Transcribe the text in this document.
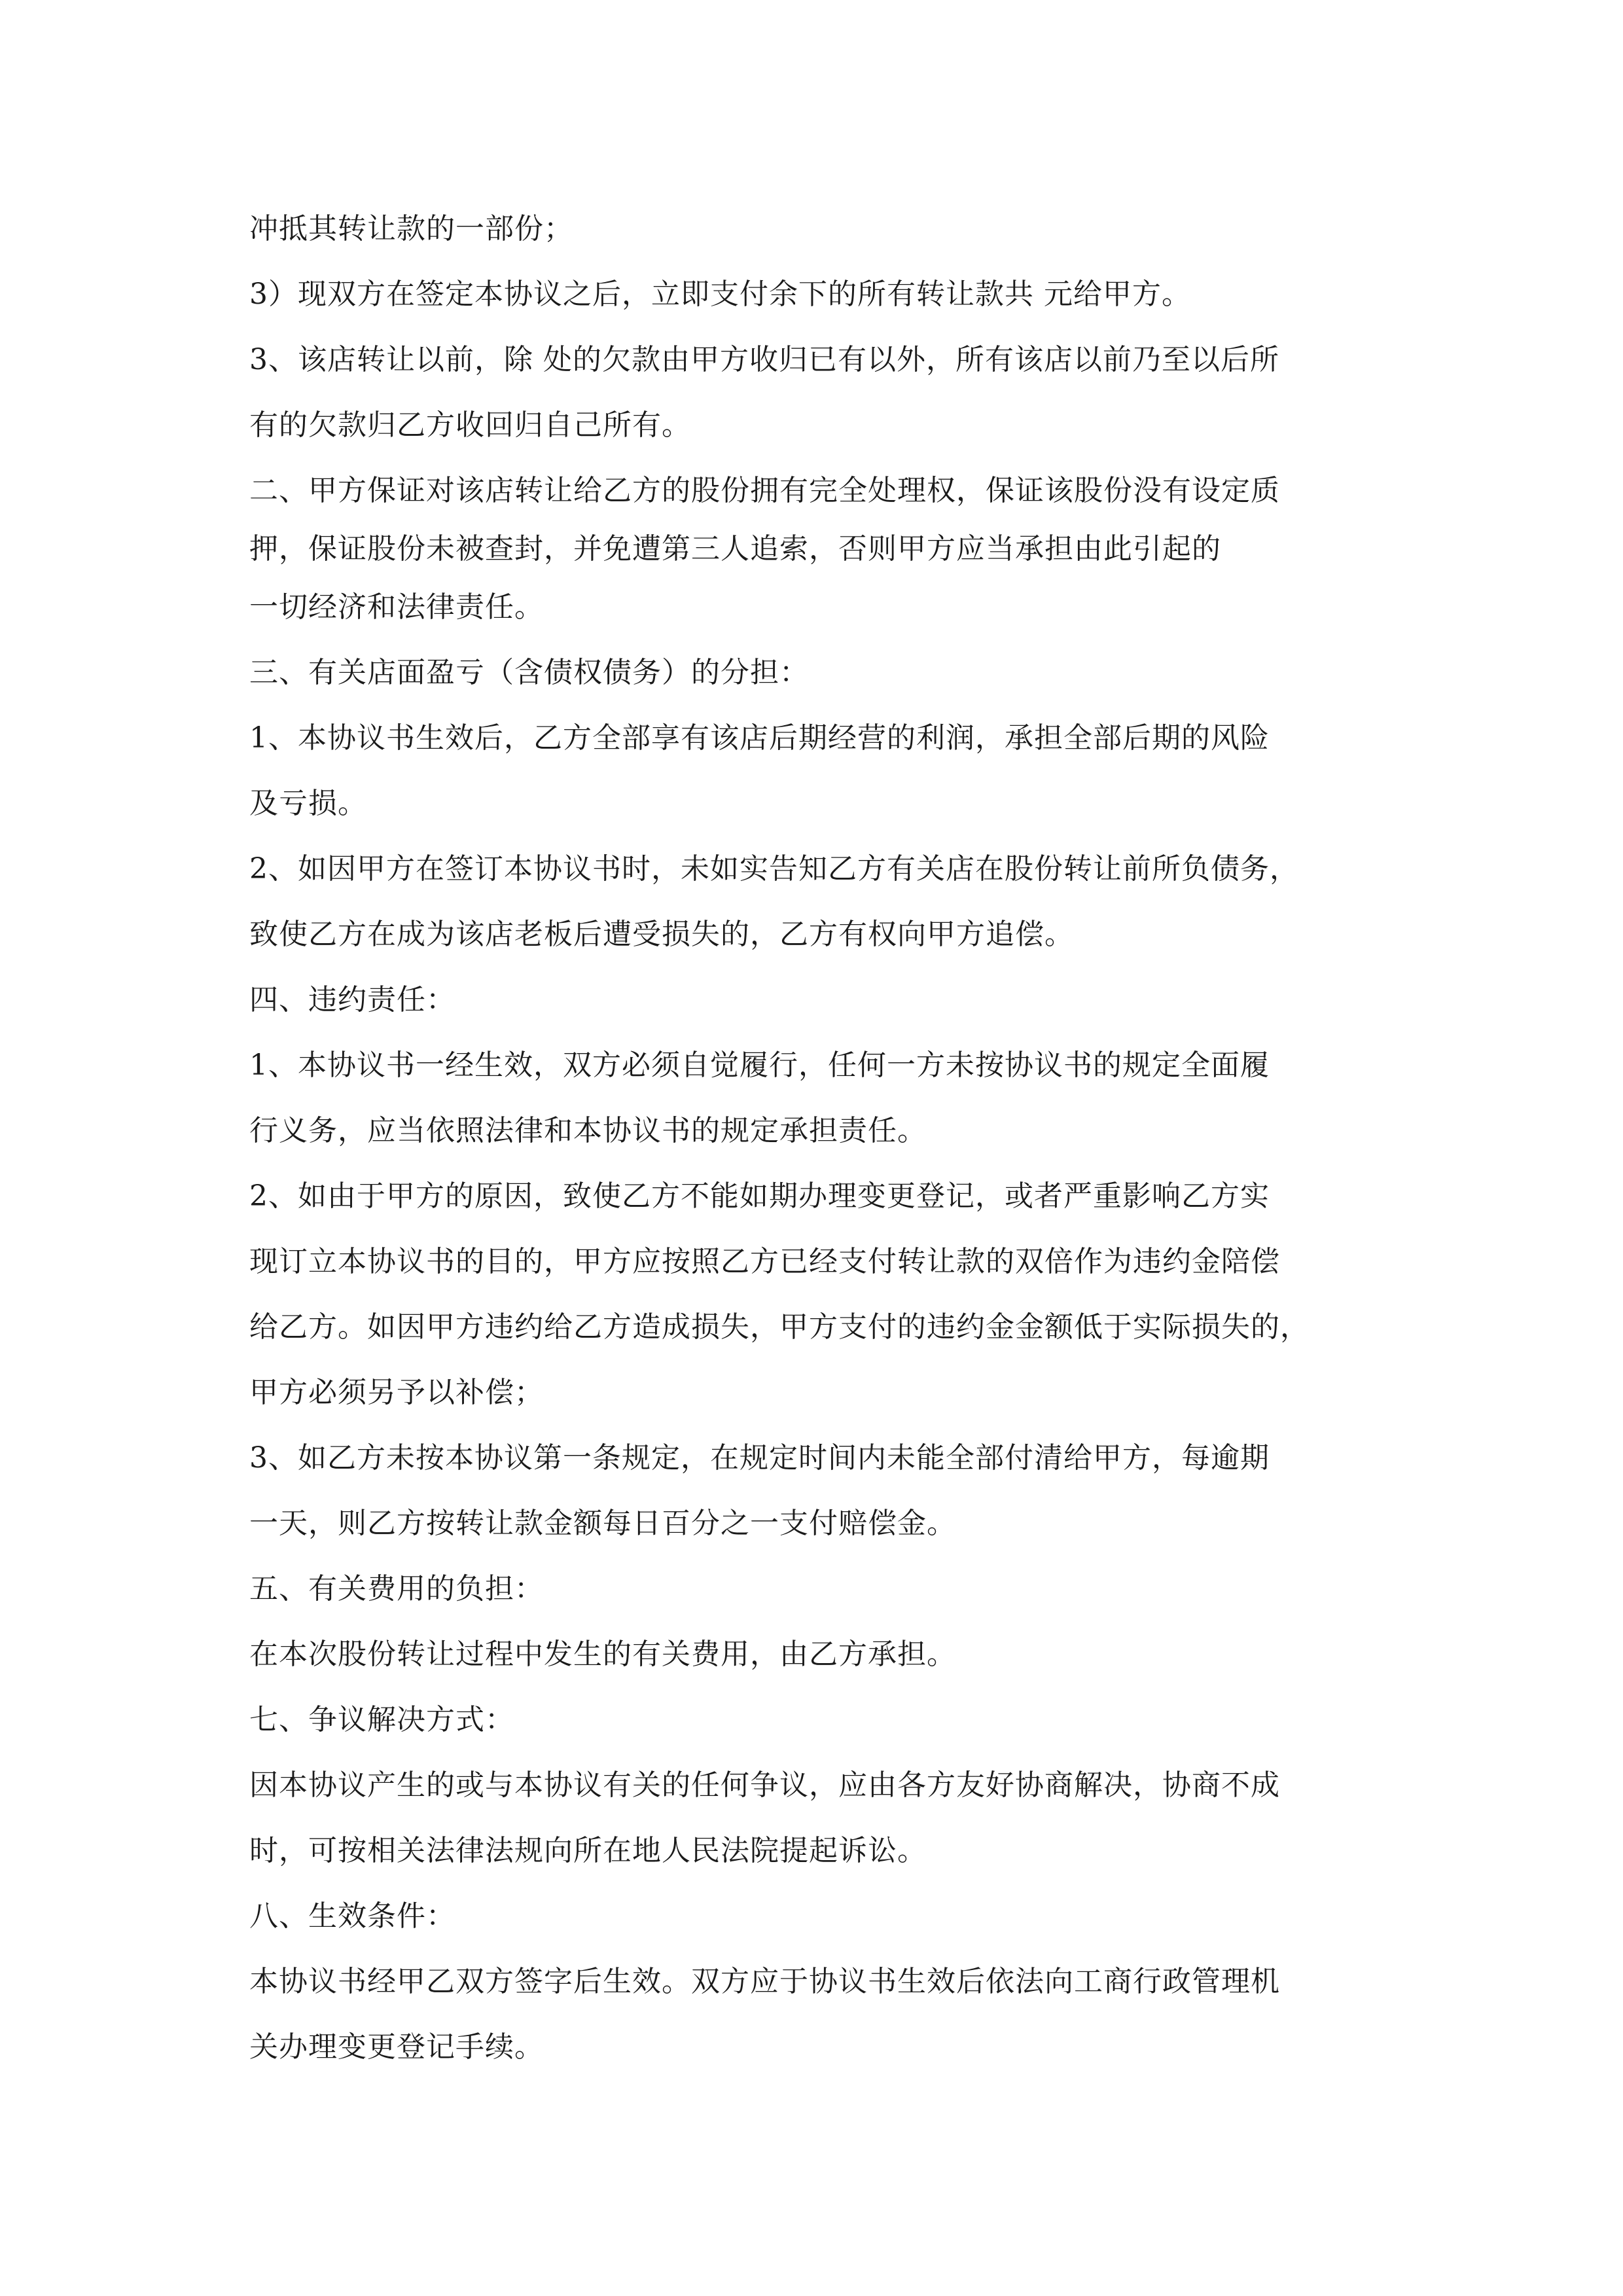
冲抵其转让款的一部份；
3）现双方在签定本协议之后，立即支付余下的所有转让款共 元给甲方。
3、该店转让以前，除 处的欠款由甲方收归已有以外，所有该店以前乃至以后所
有的欠款归乙方收回归自己所有。
二、甲方保证对该店转让给乙方的股份拥有完全处理权，保证该股份没有设定质
押，保证股份未被查封，并免遭第三人追索，否则甲方应当承担由此引起的
一切经济和法律责任。
三、有关店面盈亏（含债权债务）的分担：
1、本协议书生效后，乙方全部享有该店后期经营的利润，承担全部后期的风险
及亏损。
2、如因甲方在签订本协议书时，未如实告知乙方有关店在股份转让前所负债务，
致使乙方在成为该店老板后遭受损失的，乙方有权向甲方追偿。
四、违约责任：
1、本协议书一经生效，双方必须自觉履行，任何一方未按协议书的规定全面履
行义务，应当依照法律和本协议书的规定承担责任。
2、如由于甲方的原因，致使乙方不能如期办理变更登记，或者严重影响乙方实
现订立本协议书的目的，甲方应按照乙方已经支付转让款的双倍作为违约金陪偿
给乙方。如因甲方违约给乙方造成损失，甲方支付的违约金金额低于实际损失的，
甲方必须另予以补偿；
3、如乙方未按本协议第一条规定，在规定时间内未能全部付清给甲方，每逾期
一天，则乙方按转让款金额每日百分之一支付赔偿金。
五、有关费用的负担：
在本次股份转让过程中发生的有关费用，由乙方承担。
七、争议解决方式：
因本协议产生的或与本协议有关的任何争议，应由各方友好协商解决，协商不成
时，可按相关法律法规向所在地人民法院提起诉讼。
八、生效条件：
本协议书经甲乙双方签字后生效。双方应于协议书生效后依法向工商行政管理机
关办理变更登记手续。
